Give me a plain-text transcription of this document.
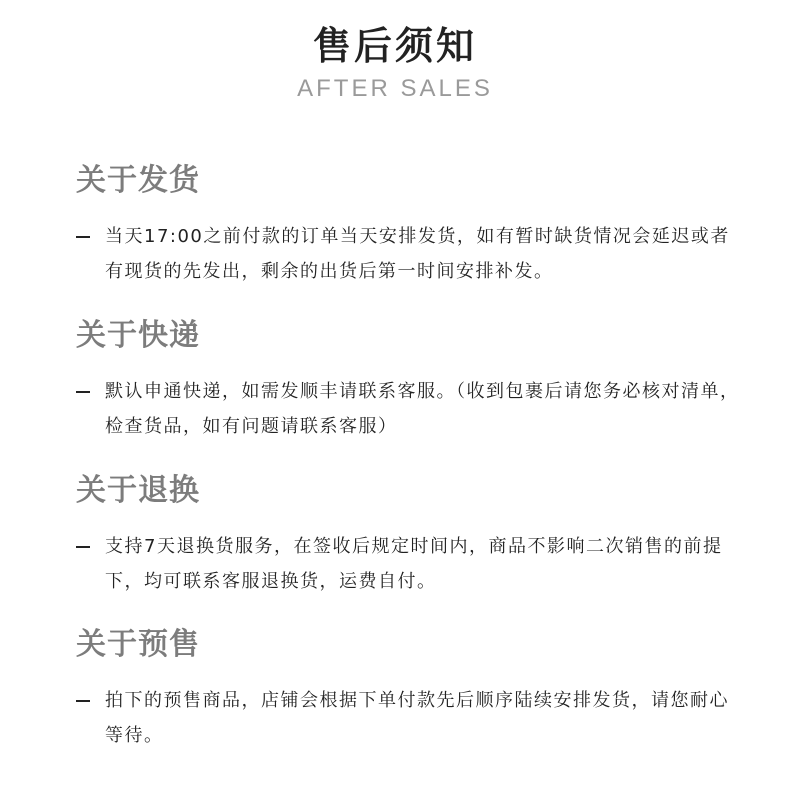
售后须知
AFTER SALES
关于发货
当天17:00之前付款的订单当天安排发货，如有暂时缺货情况会延迟或者有现货的先发出，剩余的出货后第一时间安排补发。
关于快递
默认申通快递，如需发顺丰请联系客服。（收到包裹后请您务必核对清单，检查货品，如有问题请联系客服）
关于退换
支持7天退换货服务，在签收后规定时间内，商品不影响二次销售的前提下，均可联系客服退换货，运费自付。
关于预售
拍下的预售商品，店铺会根据下单付款先后顺序陆续安排发货，请您耐心等待。
